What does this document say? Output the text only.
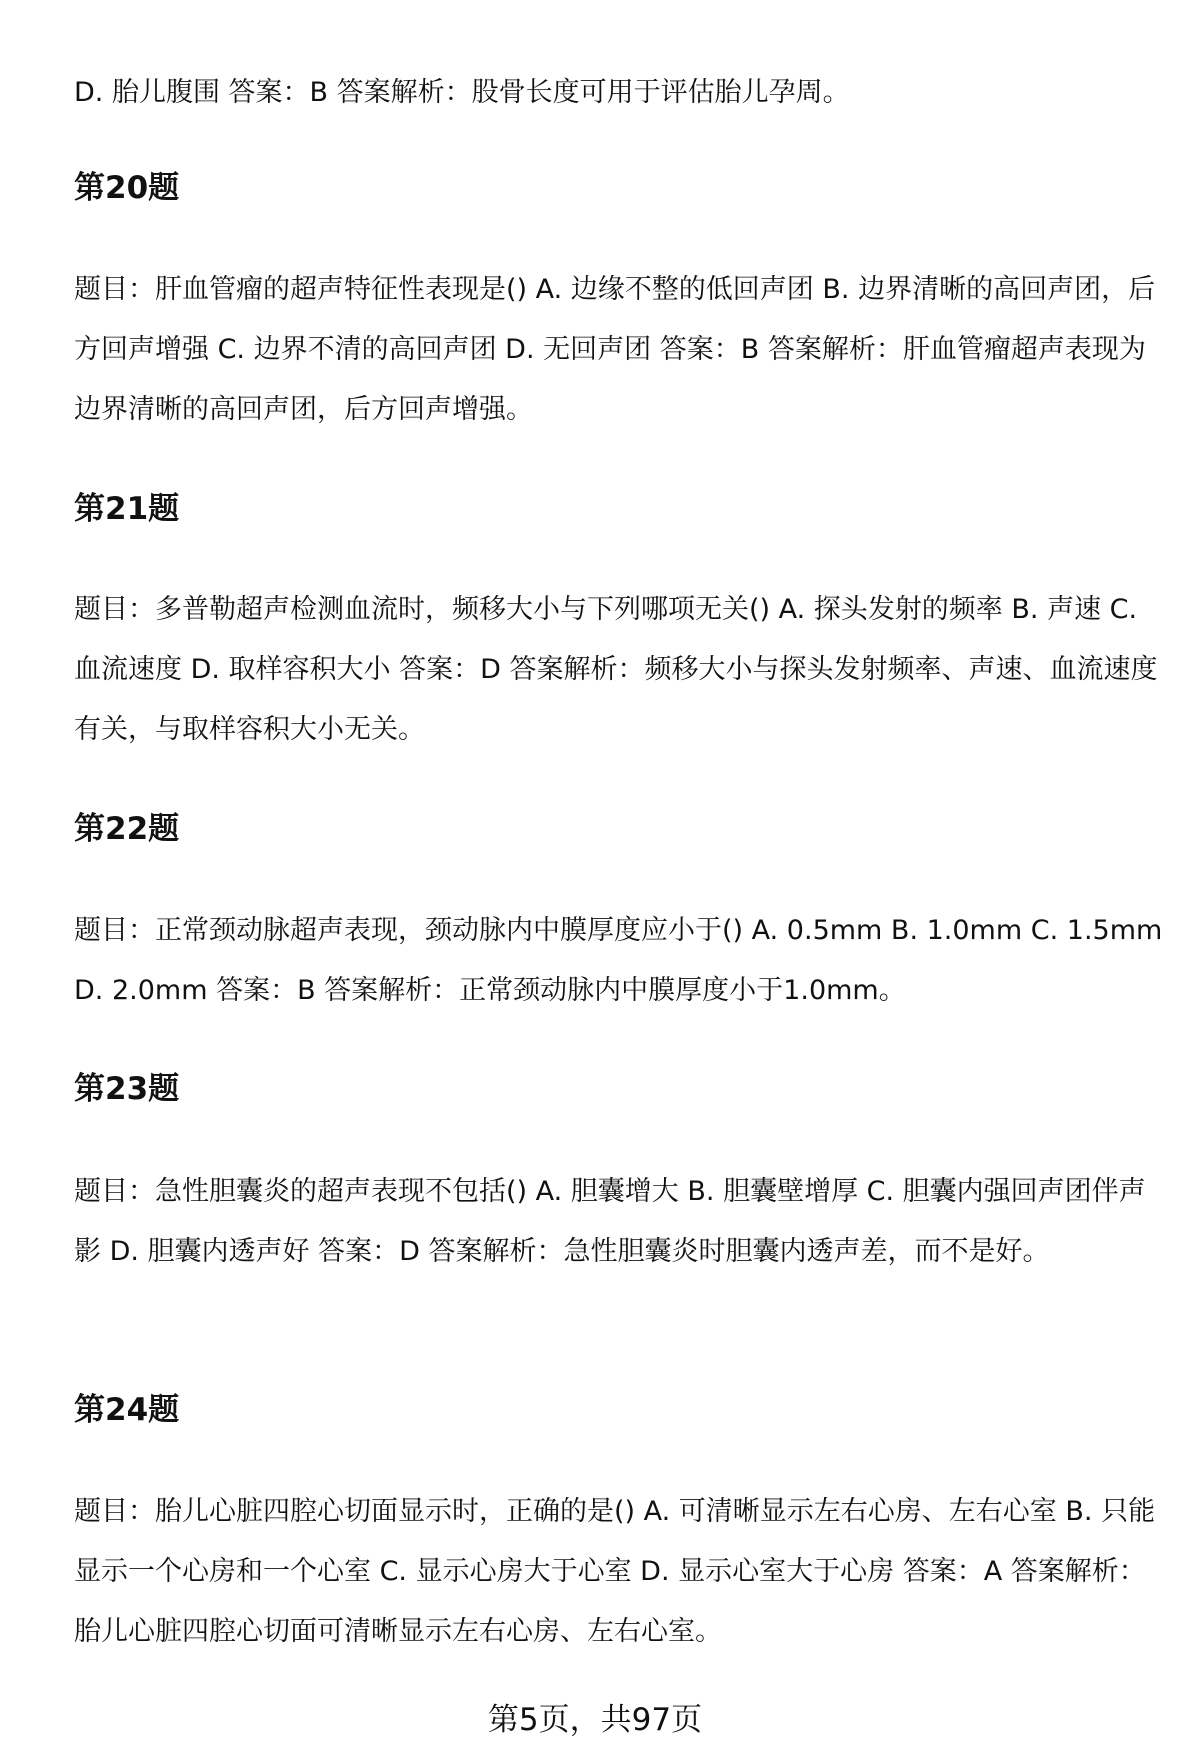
D. 胎儿腹围 答案：B 答案解析：股骨长度可用于评估胎儿孕周。

第20题

题目：肝血管瘤的超声特征性表现是() A. 边缘不整的低回声团 B. 边界清晰的高回声团，后方回声增强 C. 边界不清的高回声团 D. 无回声团 答案：B 答案解析：肝血管瘤超声表现为边界清晰的高回声团，后方回声增强。

第21题

题目：多普勒超声检测血流时，频移大小与下列哪项无关() A. 探头发射的频率 B. 声速 C. 血流速度 D. 取样容积大小 答案：D 答案解析：频移大小与探头发射频率、声速、血流速度有关，与取样容积大小无关。

第22题

题目：正常颈动脉超声表现，颈动脉内中膜厚度应小于() A. 0.5mm B. 1.0mm C. 1.5mm D. 2.0mm 答案：B 答案解析：正常颈动脉内中膜厚度小于1.0mm。

第23题

题目：急性胆囊炎的超声表现不包括() A. 胆囊增大 B. 胆囊壁增厚 C. 胆囊内强回声团伴声影 D. 胆囊内透声好 答案：D 答案解析：急性胆囊炎时胆囊内透声差，而不是好。

第24题

题目：胎儿心脏四腔心切面显示时，正确的是() A. 可清晰显示左右心房、左右心室 B. 只能显示一个心房和一个心室 C. 显示心房大于心室 D. 显示心室大于心房 答案：A 答案解析：胎儿心脏四腔心切面可清晰显示左右心房、左右心室。

第5页，共97页
